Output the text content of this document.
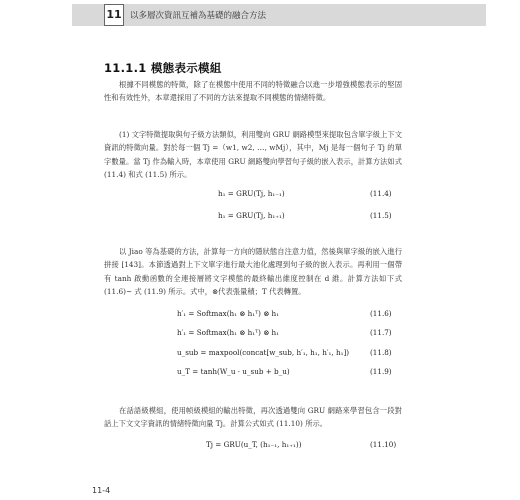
11 以多層次資訊互補為基礎的融合方法
11.1.1 模態表示模組
根據不同模態的特徵，除了在模態中使用不同的特徵融合以進一步增強模態表示的堅固性和有效性外，本章還採用了不同的方法來提取不同模態的情緒特徵。
(1) 文字特徵提取與句子級方法類似，利用雙向 GRU 網路模型來提取包含單字級上下文資訊的特徵向量。對於每一個 Tj =（w1, w2, …, wMj），其中，Mj 是每一個句子 Tj 的單字數量。當 Tj 作為輸入時，本章使用 GRU 網路雙向學習句子級的嵌入表示，計算方法如式 (11.4) 和式 (11.5) 所示。
h₁ = GRU(Tj, h₁₋₁)	(11.4)
h₁ = GRU(Tj, h₁₊₁)	(11.5)
以 Jiao 等為基礎的方法，計算每一方向的隱狀態自注意力值，然後與單字級的嵌入進行拼接 [143]。本節透過對上下文單字進行最大池化處理到句子級的嵌入表示。再利用一個帶有 tanh 啟動函數的全連接層將文字模態的最終輸出維度控制在 d 維。計算方法如下式 (11.6)~ 式 (11.9) 所示。式中，⊗代表張量積；T 代表轉置。
h′₁ = Softmax(h₁ ⊗ h₁ᵀ) ⊗ h₁	(11.6)
h′₁ = Softmax(h₁ ⊗ h₁ᵀ) ⊗ h₁	(11.7)
u_sub = maxpool(concat[w_sub, h′₁, h₁, h′₁, h₁])	(11.8)
u_T = tanh(W_u · u_sub + b_u)	(11.9)
在話語級模組，使用帧級模組的輸出特徵，再次透過雙向 GRU 網路來學習包含一段對話上下文文字資訊的情緒特徵向量 Tj。計算公式如式 (11.10) 所示。
Tj = GRU(u_T, (h₁₋₁, h₁₊₁))	(11.10)
11-4
